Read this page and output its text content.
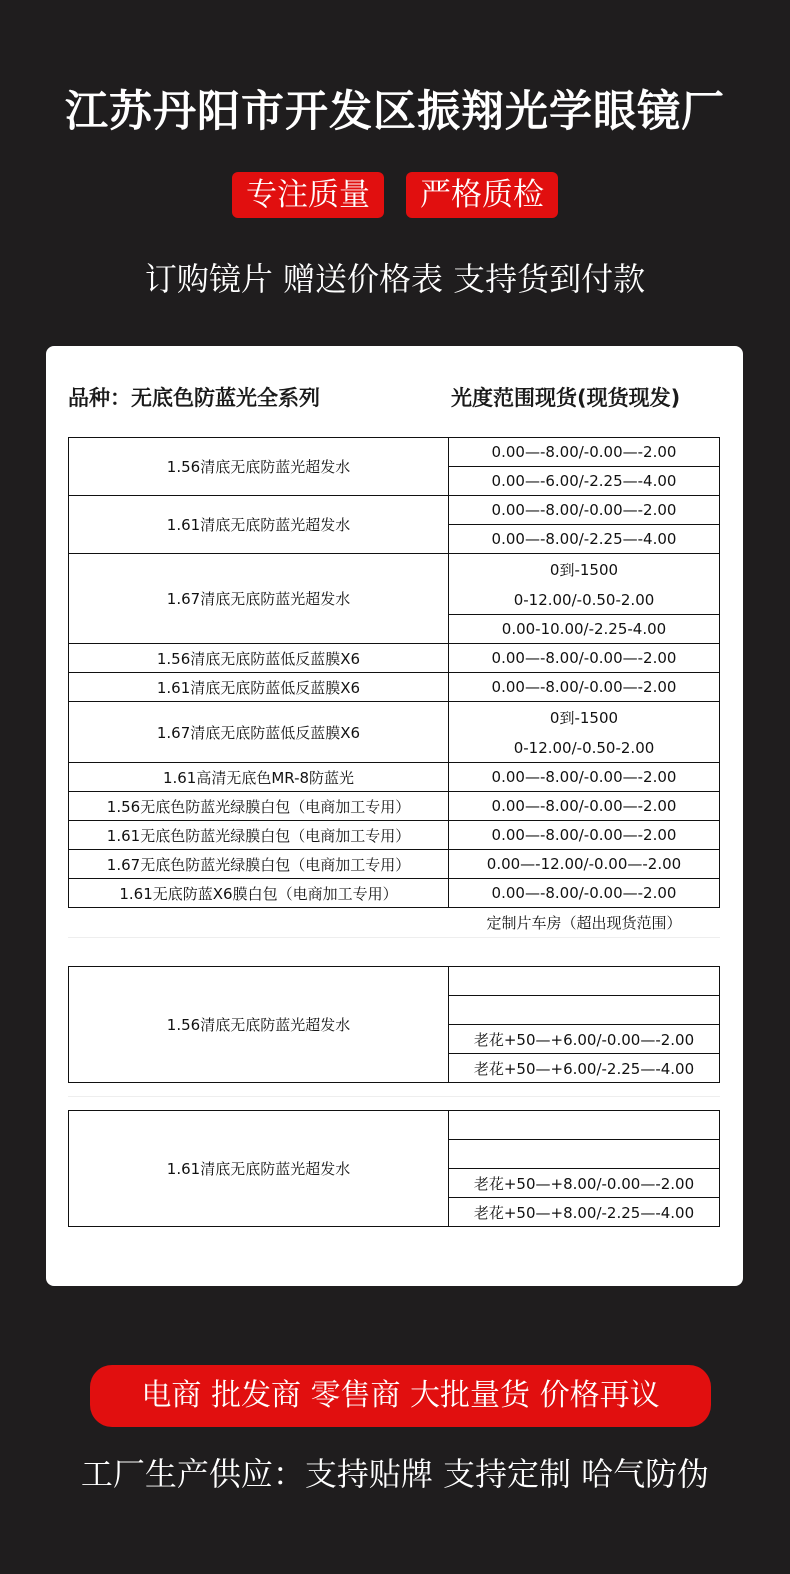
江苏丹阳市开发区振翔光学眼镜厂
专注质量 严格质检
订购镜片 赠送价格表 支持货到付款
品种：无底色防蓝光全系列	光度范围现货(现货现发)
1.56清底无底防蓝光超发水
1.61清底无底防蓝光超发水
1.67清底无底防蓝光超发水
1.56清底无底防蓝低反蓝膜X6
1.61清底无底防蓝低反蓝膜X6
1.67清底无底防蓝低反蓝膜X6
1.61高清无底色MR-8防蓝光
1.56无底色防蓝光绿膜白包（电商加工专用）
1.61无底色防蓝光绿膜白包（电商加工专用）
1.67无底色防蓝光绿膜白包（电商加工专用）
1.61无底防蓝X6膜白包（电商加工专用）
0.00—-8.00/-0.00—-2.00
0.00—-6.00/-2.25—-4.00
0.00—-8.00/-0.00—-2.00
0.00—-8.00/-2.25—-4.00
0到-1500
0-12.00/-0.50-2.00
0.00-10.00/-2.25-4.00
0.00—-8.00/-0.00—-2.00
0.00—-8.00/-0.00—-2.00
0到-1500
0-12.00/-0.50-2.00
0.00—-8.00/-0.00—-2.00
0.00—-8.00/-0.00—-2.00
0.00—-8.00/-0.00—-2.00
0.00—-12.00/-0.00—-2.00
0.00—-8.00/-0.00—-2.00
定制片车房（超出现货范围）
1.56清底无底防蓝光超发水
老花+50—+6.00/-0.00—-2.00
老花+50—+6.00/-2.25—-4.00
1.61清底无底防蓝光超发水
老花+50—+8.00/-0.00—-2.00
老花+50—+8.00/-2.25—-4.00
电商 批发商 零售商 大批量货 价格再议
工厂生产供应：支持贴牌 支持定制 哈气防伪
